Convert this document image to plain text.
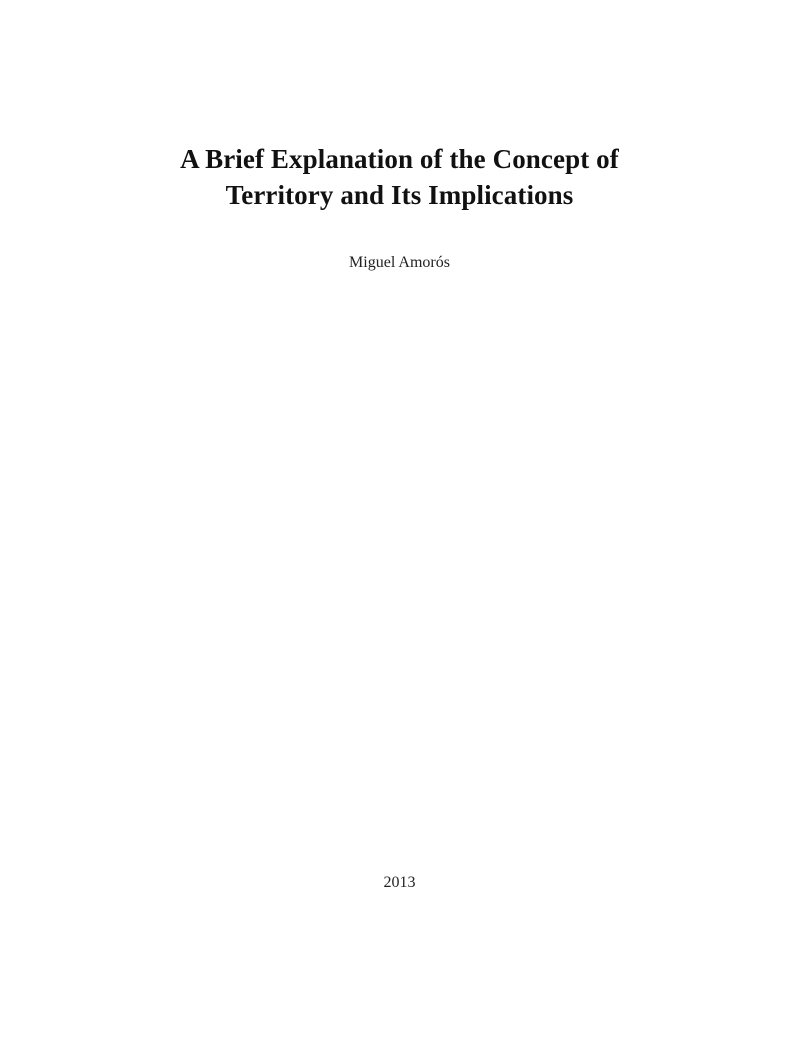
A Brief Explanation of the Concept of
Territory and Its Implications
Miguel Amorós
2013
